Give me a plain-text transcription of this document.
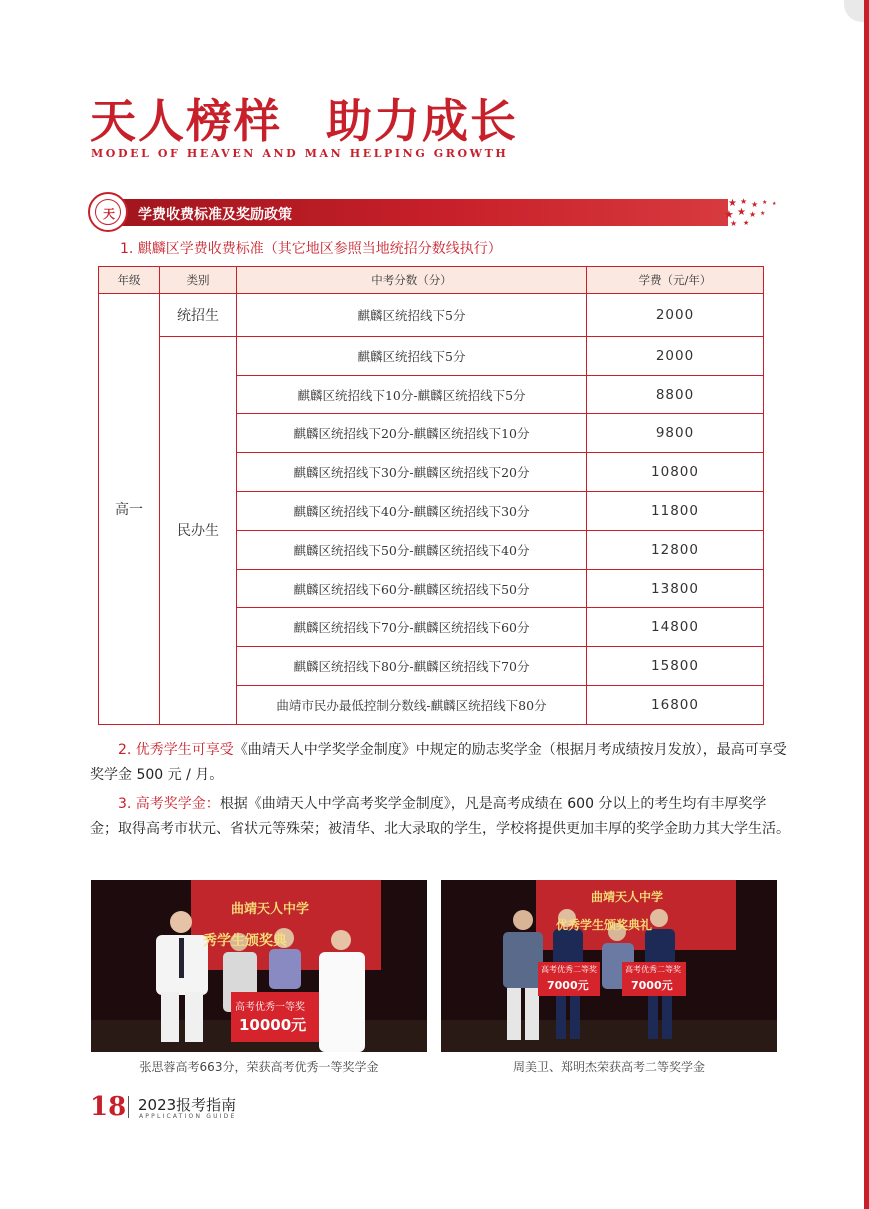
天人榜样 助力成长
MODEL OF HEAVEN AND MAN HELPING GROWTH
学费收费标准及奖励政策
天
★ ★ ★ ★ ★
★ ★ ★ ★
★ ★
1. 麒麟区学费收费标准（其它地区参照当地统招分数线执行）
年级	类别	中考分数（分）	学费（元/年）
高一	统招生	麒麟区统招线下5分	2000
	民办生	麒麟区统招线下5分	2000
		麒麟区统招线下10分-麒麟区统招线下5分	8800
		麒麟区统招线下20分-麒麟区统招线下10分	9800
		麒麟区统招线下30分-麒麟区统招线下20分	10800
		麒麟区统招线下40分-麒麟区统招线下30分	11800
		麒麟区统招线下50分-麒麟区统招线下40分	12800
		麒麟区统招线下60分-麒麟区统招线下50分	13800
		麒麟区统招线下70分-麒麟区统招线下60分	14800
		麒麟区统招线下80分-麒麟区统招线下70分	15800
		曲靖市民办最低控制分数线-麒麟区统招线下80分	16800
2. 优秀学生可享受《曲靖天人中学奖学金制度》中规定的励志奖学金（根据月考成绩按月发放），最高可享受奖学金 500 元 / 月。
3. 高考奖学金：根据《曲靖天人中学高考奖学金制度》，凡是高考成绩在 600 分以上的考生均有丰厚奖学金；取得高考市状元、省状元等殊荣；被清华、北大录取的学生，学校将提供更加丰厚的奖学金助力其大学生活。
曲靖天人中学
秀学生颁奖典
高考优秀一等奖
10000元
张思蓉高考663分，荣获高考优秀一等奖学金
曲靖天人中学
优秀学生颁奖典礼
高考优秀二等奖
7000元
高考优秀二等奖
7000元
周美卫、郑明杰荣获高考二等奖学金
18 2023报考指南
APPLICATION GUIDE
